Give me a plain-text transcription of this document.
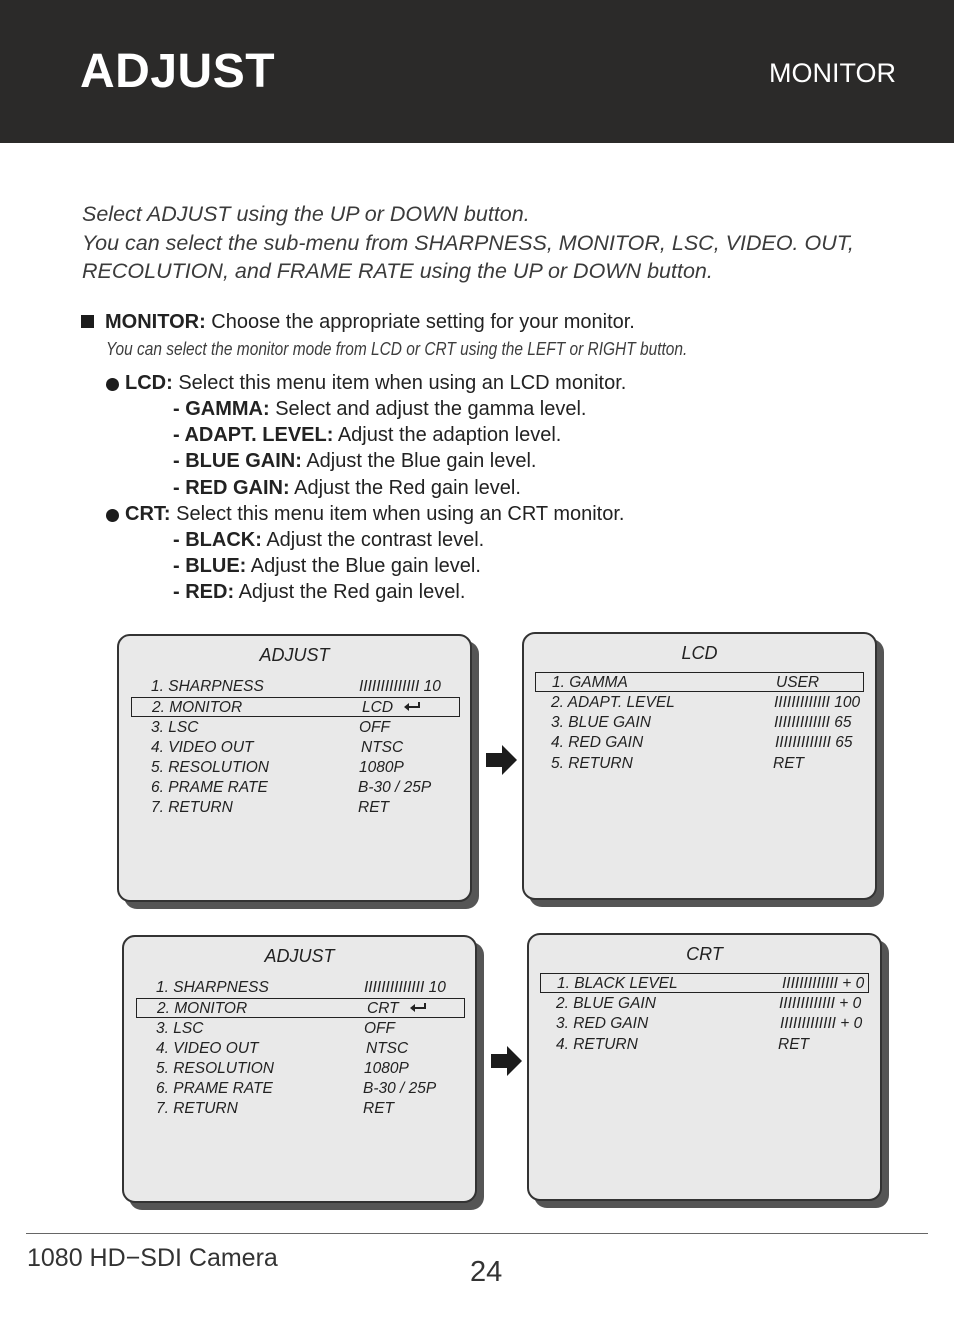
ADJUST	MONITOR
Select ADJUST using the UP or DOWN button.
You can select the sub-menu from SHARPNESS, MONITOR, LSC, VIDEO. OUT,
RECOLUTION, and FRAME RATE using the UP or DOWN button.
MONITOR: Choose the appropriate setting for your monitor.
You can select the monitor mode from LCD or CRT using the LEFT or RIGHT button.
LCD: Select this menu item when using an LCD monitor.
- GAMMA: Select and adjust the gamma level.
- ADAPT. LEVEL: Adjust the adaption level.
- BLUE GAIN: Adjust the Blue gain level.
- RED GAIN: Adjust the Red gain level.
CRT: Select this menu item when using an CRT monitor.
- BLACK: Adjust the contrast level.
- BLUE: Adjust the Blue gain level.
- RED: Adjust the Red gain level.
ADJUST
1. SHARPNESS	IIIIIIIIIIIIII 10
2. MONITOR	LCD
3. LSC	OFF
4. VIDEO OUT	NTSC
5. RESOLUTION	1080P
6. PRAME RATE	B-30 / 25P
7. RETURN	RET
LCD
1. GAMMA	USER
2. ADAPT. LEVEL	IIIIIIIIIIIII 100
3. BLUE GAIN	IIIIIIIIIIIII 65
4. RED GAIN	IIIIIIIIIIIII 65
5. RETURN	RET
ADJUST
1. SHARPNESS	IIIIIIIIIIIIII 10
2. MONITOR	CRT
3. LSC	OFF
4. VIDEO OUT	NTSC
5. RESOLUTION	1080P
6. PRAME RATE	B-30 / 25P
7. RETURN	RET
CRT
1. BLACK LEVEL	IIIIIIIIIIIII + 0
2. BLUE GAIN	IIIIIIIIIIIII + 0
3. RED GAIN	IIIIIIIIIIIII + 0
4. RETURN	RET
1080 HD−SDI Camera	24
